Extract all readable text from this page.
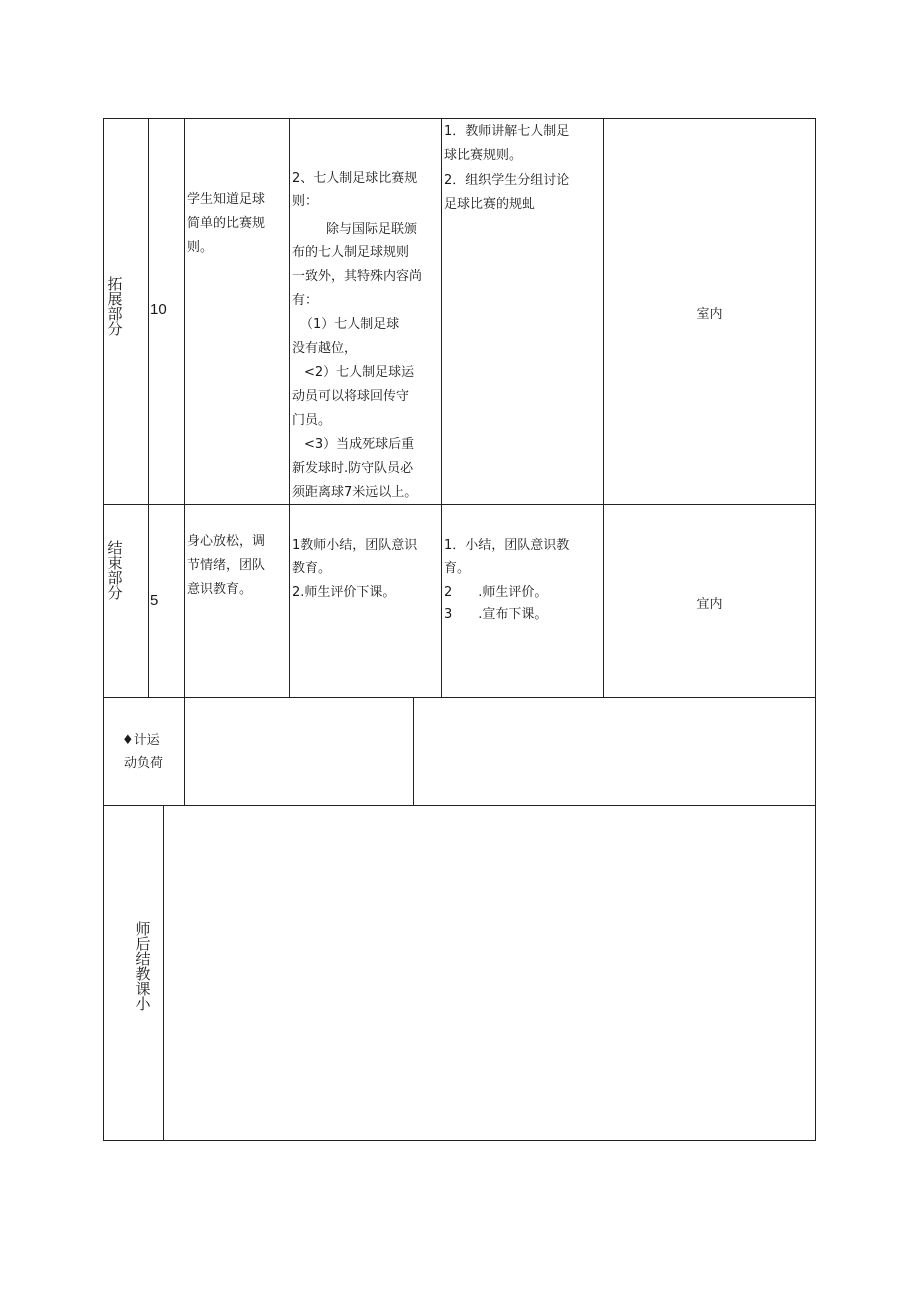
拓展部分
10
学生知道足球
简单的比赛规
则。
2、七人制足球比赛规
则：
除与国际足联颁
布的七人制足球规则
一致外，其特殊内容尚
有：
（1）七人制足球
没有越位，
<2）七人制足球运
动员可以将球回传守
门员。
<3）当成死球后重
新发球时.防守队员必
须距离球7米远以上。
1．教师讲解七人制足
球比赛规则。
2．组织学生分组讨论
足球比赛的规虬
室内
结束部分 5
身心放松，调
节情绪，团队
意识教育。
1教师小结，团队意识
教育。
2.师生评价下课。
1．小结，团队意识教
育。
2　　.师生评价。
3　　.宣布下课。
宜内
♦计运
动负荷
师后结教课小
